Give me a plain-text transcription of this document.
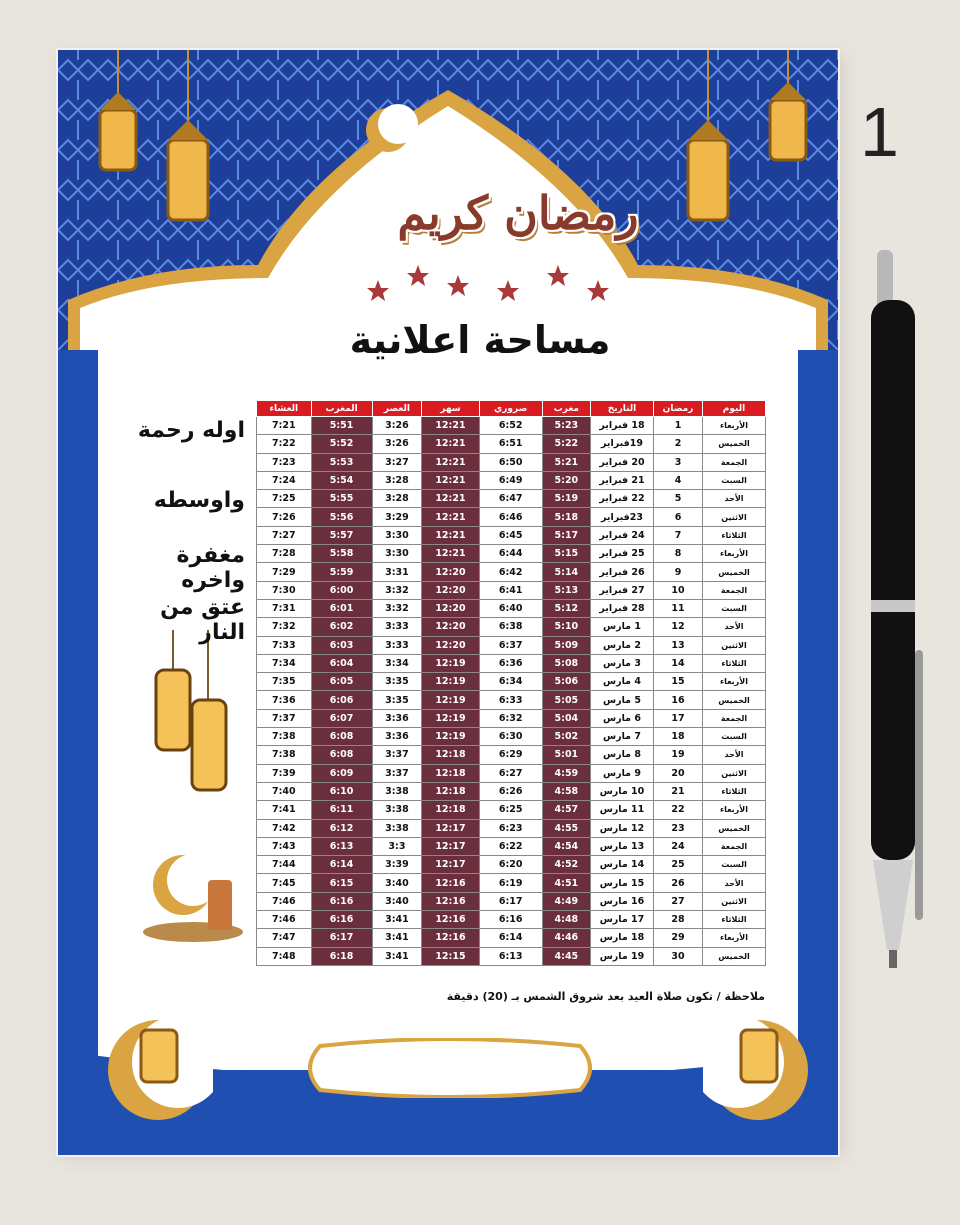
رمضان كريم
مساحة اعلانية
اوله رحمة
واوسطه
مغفرة واخره
عتق من النار
اليوم	رمضان	التاريخ	مغرب	صروري	سهر	العصر	المغرب	العشاء
الأربعاء	1	18 فبراير	5:23	6:52	12:21	3:26	5:51	7:21
الخميس	2	19فبراير	5:22	6:51	12:21	3:26	5:52	7:22
الجمعة	3	20 فبراير	5:21	6:50	12:21	3:27	5:53	7:23
السبت	4	21 فبراير	5:20	6:49	12:21	3:28	5:54	7:24
الأحد	5	22 فبراير	5:19	6:47	12:21	3:28	5:55	7:25
الاثنين	6	23فبراير	5:18	6:46	12:21	3:29	5:56	7:26
الثلاثاء	7	24 فبراير	5:17	6:45	12:21	3:30	5:57	7:27
الأربعاء	8	25 فبراير	5:15	6:44	12:21	3:30	5:58	7:28
الخميس	9	26 فبراير	5:14	6:42	12:20	3:31	5:59	7:29
الجمعة	10	27 فبراير	5:13	6:41	12:20	3:32	6:00	7:30
السبت	11	28 فبراير	5:12	6:40	12:20	3:32	6:01	7:31
الأحد	12	1 مارس	5:10	6:38	12:20	3:33	6:02	7:32
الاثنين	13	2 مارس	5:09	6:37	12:20	3:33	6:03	7:33
الثلاثاء	14	3 مارس	5:08	6:36	12:19	3:34	6:04	7:34
الأربعاء	15	4 مارس	5:06	6:34	12:19	3:35	6:05	7:35
الخميس	16	5 مارس	5:05	6:33	12:19	3:35	6:06	7:36
الجمعة	17	6 مارس	5:04	6:32	12:19	3:36	6:07	7:37
السبت	18	7 مارس	5:02	6:30	12:19	3:36	6:08	7:38
الأحد	19	8 مارس	5:01	6:29	12:18	3:37	6:08	7:38
الاثنين	20	9 مارس	4:59	6:27	12:18	3:37	6:09	7:39
الثلاثاء	21	10 مارس	4:58	6:26	12:18	3:38	6:10	7:40
الأربعاء	22	11 مارس	4:57	6:25	12:18	3:38	6:11	7:41
الخميس	23	12 مارس	4:55	6:23	12:17	3:38	6:12	7:42
الجمعة	24	13 مارس	4:54	6:22	12:17	3:3	6:13	7:43
السبت	25	14 مارس	4:52	6:20	12:17	3:39	6:14	7:44
الأحد	26	15 مارس	4:51	6:19	12:16	3:40	6:15	7:45
الاثنين	27	16 مارس	4:49	6:17	12:16	3:40	6:16	7:46
الثلاثاء	28	17 مارس	4:48	6:16	12:16	3:41	6:16	7:46
الأربعاء	29	18 مارس	4:46	6:14	12:16	3:41	6:17	7:47
الخميس	30	19 مارس	4:45	6:13	12:15	3:41	6:18	7:48
ملاحظة / تكون صلاة العيد بعد شروق الشمس بـ (20) دقيقة
1
